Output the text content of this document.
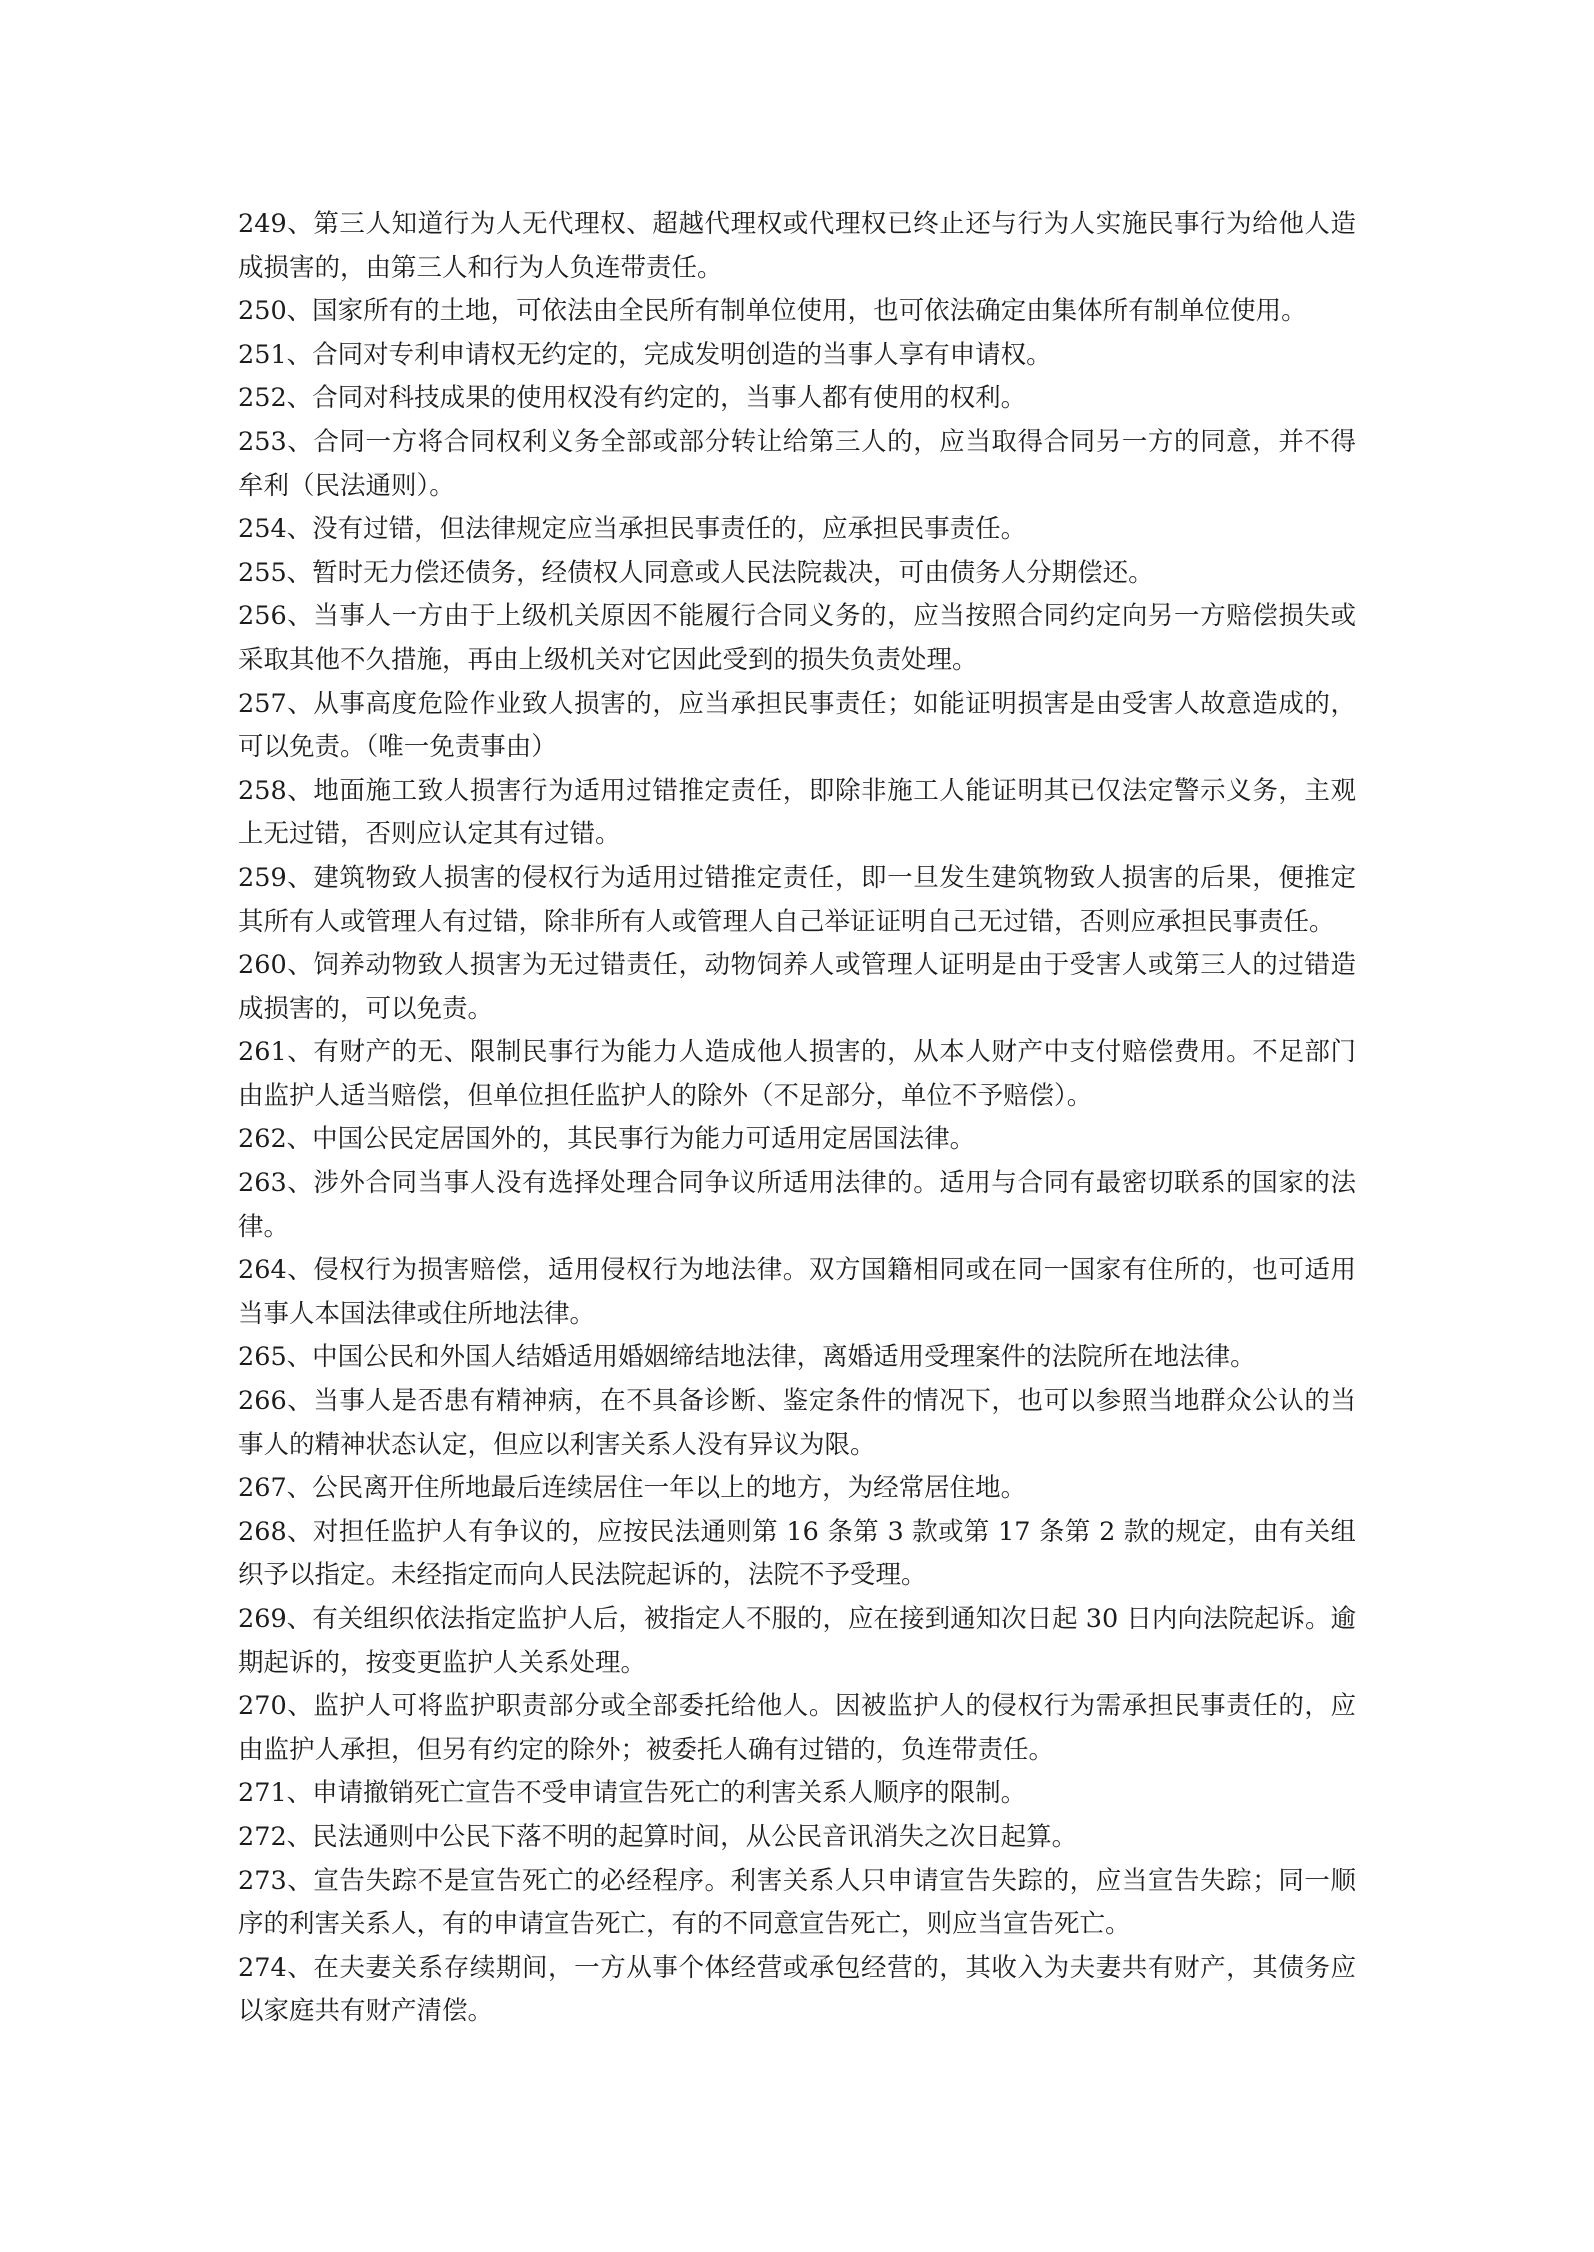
249、第三人知道行为人无代理权、超越代理权或代理权已终止还与行为人实施民事行为给他人造成损害的，由第三人和行为人负连带责任。

250、国家所有的土地，可依法由全民所有制单位使用，也可依法确定由集体所有制单位使用。

251、合同对专利申请权无约定的，完成发明创造的当事人享有申请权。

252、合同对科技成果的使用权没有约定的，当事人都有使用的权利。

253、合同一方将合同权利义务全部或部分转让给第三人的，应当取得合同另一方的同意，并不得牟利（民法通则）。

254、没有过错，但法律规定应当承担民事责任的，应承担民事责任。

255、暂时无力偿还债务，经债权人同意或人民法院裁决，可由债务人分期偿还。

256、当事人一方由于上级机关原因不能履行合同义务的，应当按照合同约定向另一方赔偿损失或采取其他不久措施，再由上级机关对它因此受到的损失负责处理。

257、从事高度危险作业致人损害的，应当承担民事责任；如能证明损害是由受害人故意造成的，可以免责。（唯一免责事由）

258、地面施工致人损害行为适用过错推定责任，即除非施工人能证明其已仅法定警示义务，主观上无过错，否则应认定其有过错。

259、建筑物致人损害的侵权行为适用过错推定责任，即一旦发生建筑物致人损害的后果，便推定其所有人或管理人有过错，除非所有人或管理人自己举证证明自己无过错，否则应承担民事责任。

260、饲养动物致人损害为无过错责任，动物饲养人或管理人证明是由于受害人或第三人的过错造成损害的，可以免责。

261、有财产的无、限制民事行为能力人造成他人损害的，从本人财产中支付赔偿费用。不足部门由监护人适当赔偿，但单位担任监护人的除外（不足部分，单位不予赔偿）。

262、中国公民定居国外的，其民事行为能力可适用定居国法律。

263、涉外合同当事人没有选择处理合同争议所适用法律的。适用与合同有最密切联系的国家的法律。

264、侵权行为损害赔偿，适用侵权行为地法律。双方国籍相同或在同一国家有住所的，也可适用当事人本国法律或住所地法律。

265、中国公民和外国人结婚适用婚姻缔结地法律，离婚适用受理案件的法院所在地法律。

266、当事人是否患有精神病，在不具备诊断、鉴定条件的情况下，也可以参照当地群众公认的当事人的精神状态认定，但应以利害关系人没有异议为限。

267、公民离开住所地最后连续居住一年以上的地方，为经常居住地。

268、对担任监护人有争议的，应按民法通则第 16 条第 3 款或第 17 条第 2 款的规定，由有关组织予以指定。未经指定而向人民法院起诉的，法院不予受理。

269、有关组织依法指定监护人后，被指定人不服的，应在接到通知次日起 30 日内向法院起诉。逾期起诉的，按变更监护人关系处理。

270、监护人可将监护职责部分或全部委托给他人。因被监护人的侵权行为需承担民事责任的，应由监护人承担，但另有约定的除外；被委托人确有过错的，负连带责任。

271、申请撤销死亡宣告不受申请宣告死亡的利害关系人顺序的限制。

272、民法通则中公民下落不明的起算时间，从公民音讯消失之次日起算。

273、宣告失踪不是宣告死亡的必经程序。利害关系人只申请宣告失踪的，应当宣告失踪；同一顺序的利害关系人，有的申请宣告死亡，有的不同意宣告死亡，则应当宣告死亡。

274、在夫妻关系存续期间，一方从事个体经营或承包经营的，其收入为夫妻共有财产，其债务应以家庭共有财产清偿。
